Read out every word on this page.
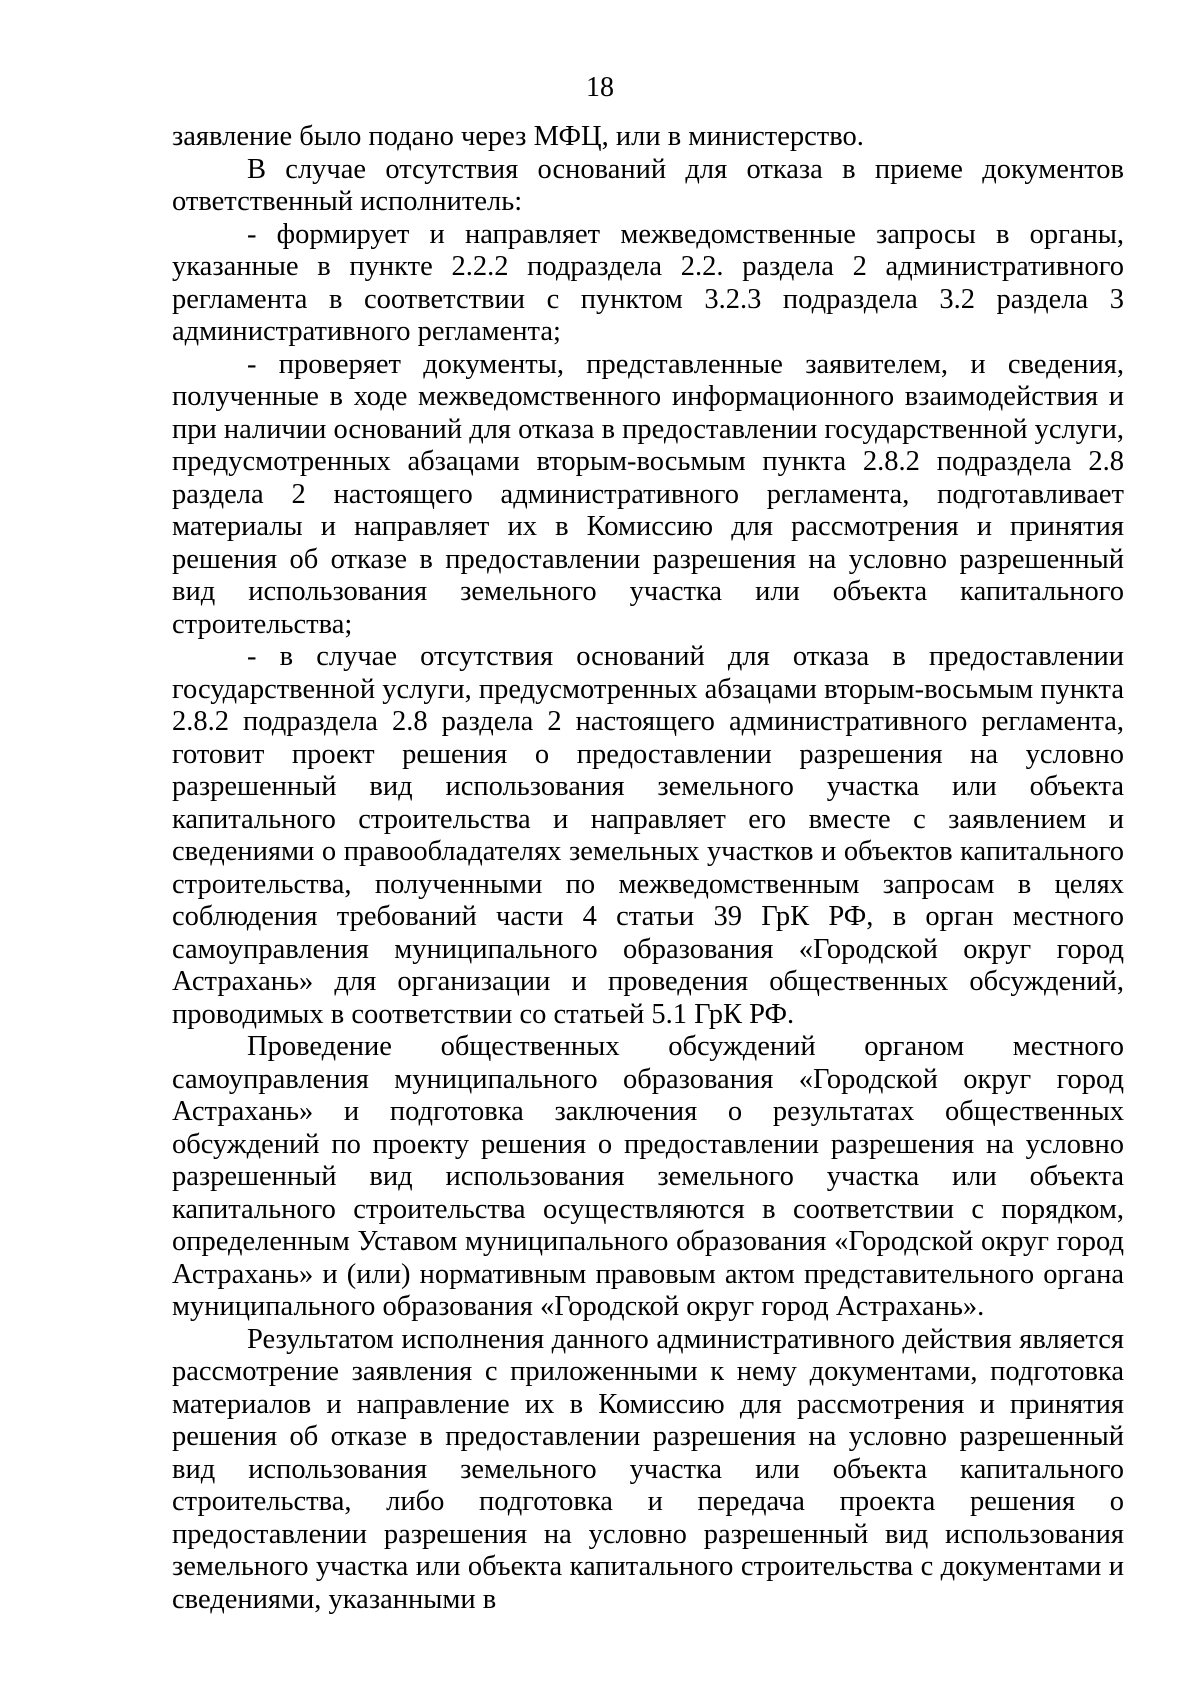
18

заявление было подано через МФЦ, или в министерство.

В случае отсутствия оснований для отказа в приеме документов ответственный исполнитель:

- формирует и направляет межведомственные запросы в органы, указанные в пункте 2.2.2 подраздела 2.2. раздела 2 административного регламента в соответствии с пунктом 3.2.3 подраздела 3.2 раздела 3 административного регламента;

- проверяет документы, представленные заявителем, и сведения, полученные в ходе межведомственного информационного взаимодействия и при наличии оснований для отказа в предоставлении государственной услуги, предусмотренных абзацами вторым-восьмым пункта 2.8.2 подраздела 2.8 раздела 2 настоящего административного регламента, подготавливает материалы и направляет их в Комиссию для рассмотрения и принятия решения об отказе в предоставлении разрешения на условно разрешенный вид использования земельного участка или объекта капитального строительства;

- в случае отсутствия оснований для отказа в предоставлении государственной услуги, предусмотренных абзацами вторым-восьмым пункта 2.8.2 подраздела 2.8 раздела 2 настоящего административного регламента, готовит проект решения о предоставлении разрешения на условно разрешенный вид использования земельного участка или объекта капитального строительства и направляет его вместе с заявлением и сведениями о правообладателях земельных участков и объектов капитального строительства, полученными по межведомственным запросам в целях соблюдения требований части 4 статьи 39 ГрК РФ, в орган местного самоуправления муниципального образования «Городской округ город Астрахань» для организации и проведения общественных обсуждений, проводимых в соответствии со статьей 5.1 ГрК РФ.

Проведение общественных обсуждений органом местного самоуправления муниципального образования «Городской округ город Астрахань» и подготовка заключения о результатах общественных обсуждений по проекту решения о предоставлении разрешения на условно разрешенный вид использования земельного участка или объекта капитального строительства осуществляются в соответствии с порядком, определенным Уставом муниципального образования «Городской округ город Астрахань» и (или) нормативным правовым актом представительного органа муниципального образования «Городской округ город Астрахань».

Результатом исполнения данного административного действия является рассмотрение заявления с приложенными к нему документами, подготовка материалов и направление их в Комиссию для рассмотрения и принятия решения об отказе в предоставлении разрешения на условно разрешенный вид использования земельного участка или объекта капитального строительства, либо подготовка и передача проекта решения о предоставлении разрешения на условно разрешенный вид использования земельного участка или объекта капитального строительства с документами и сведениями, указанными в
